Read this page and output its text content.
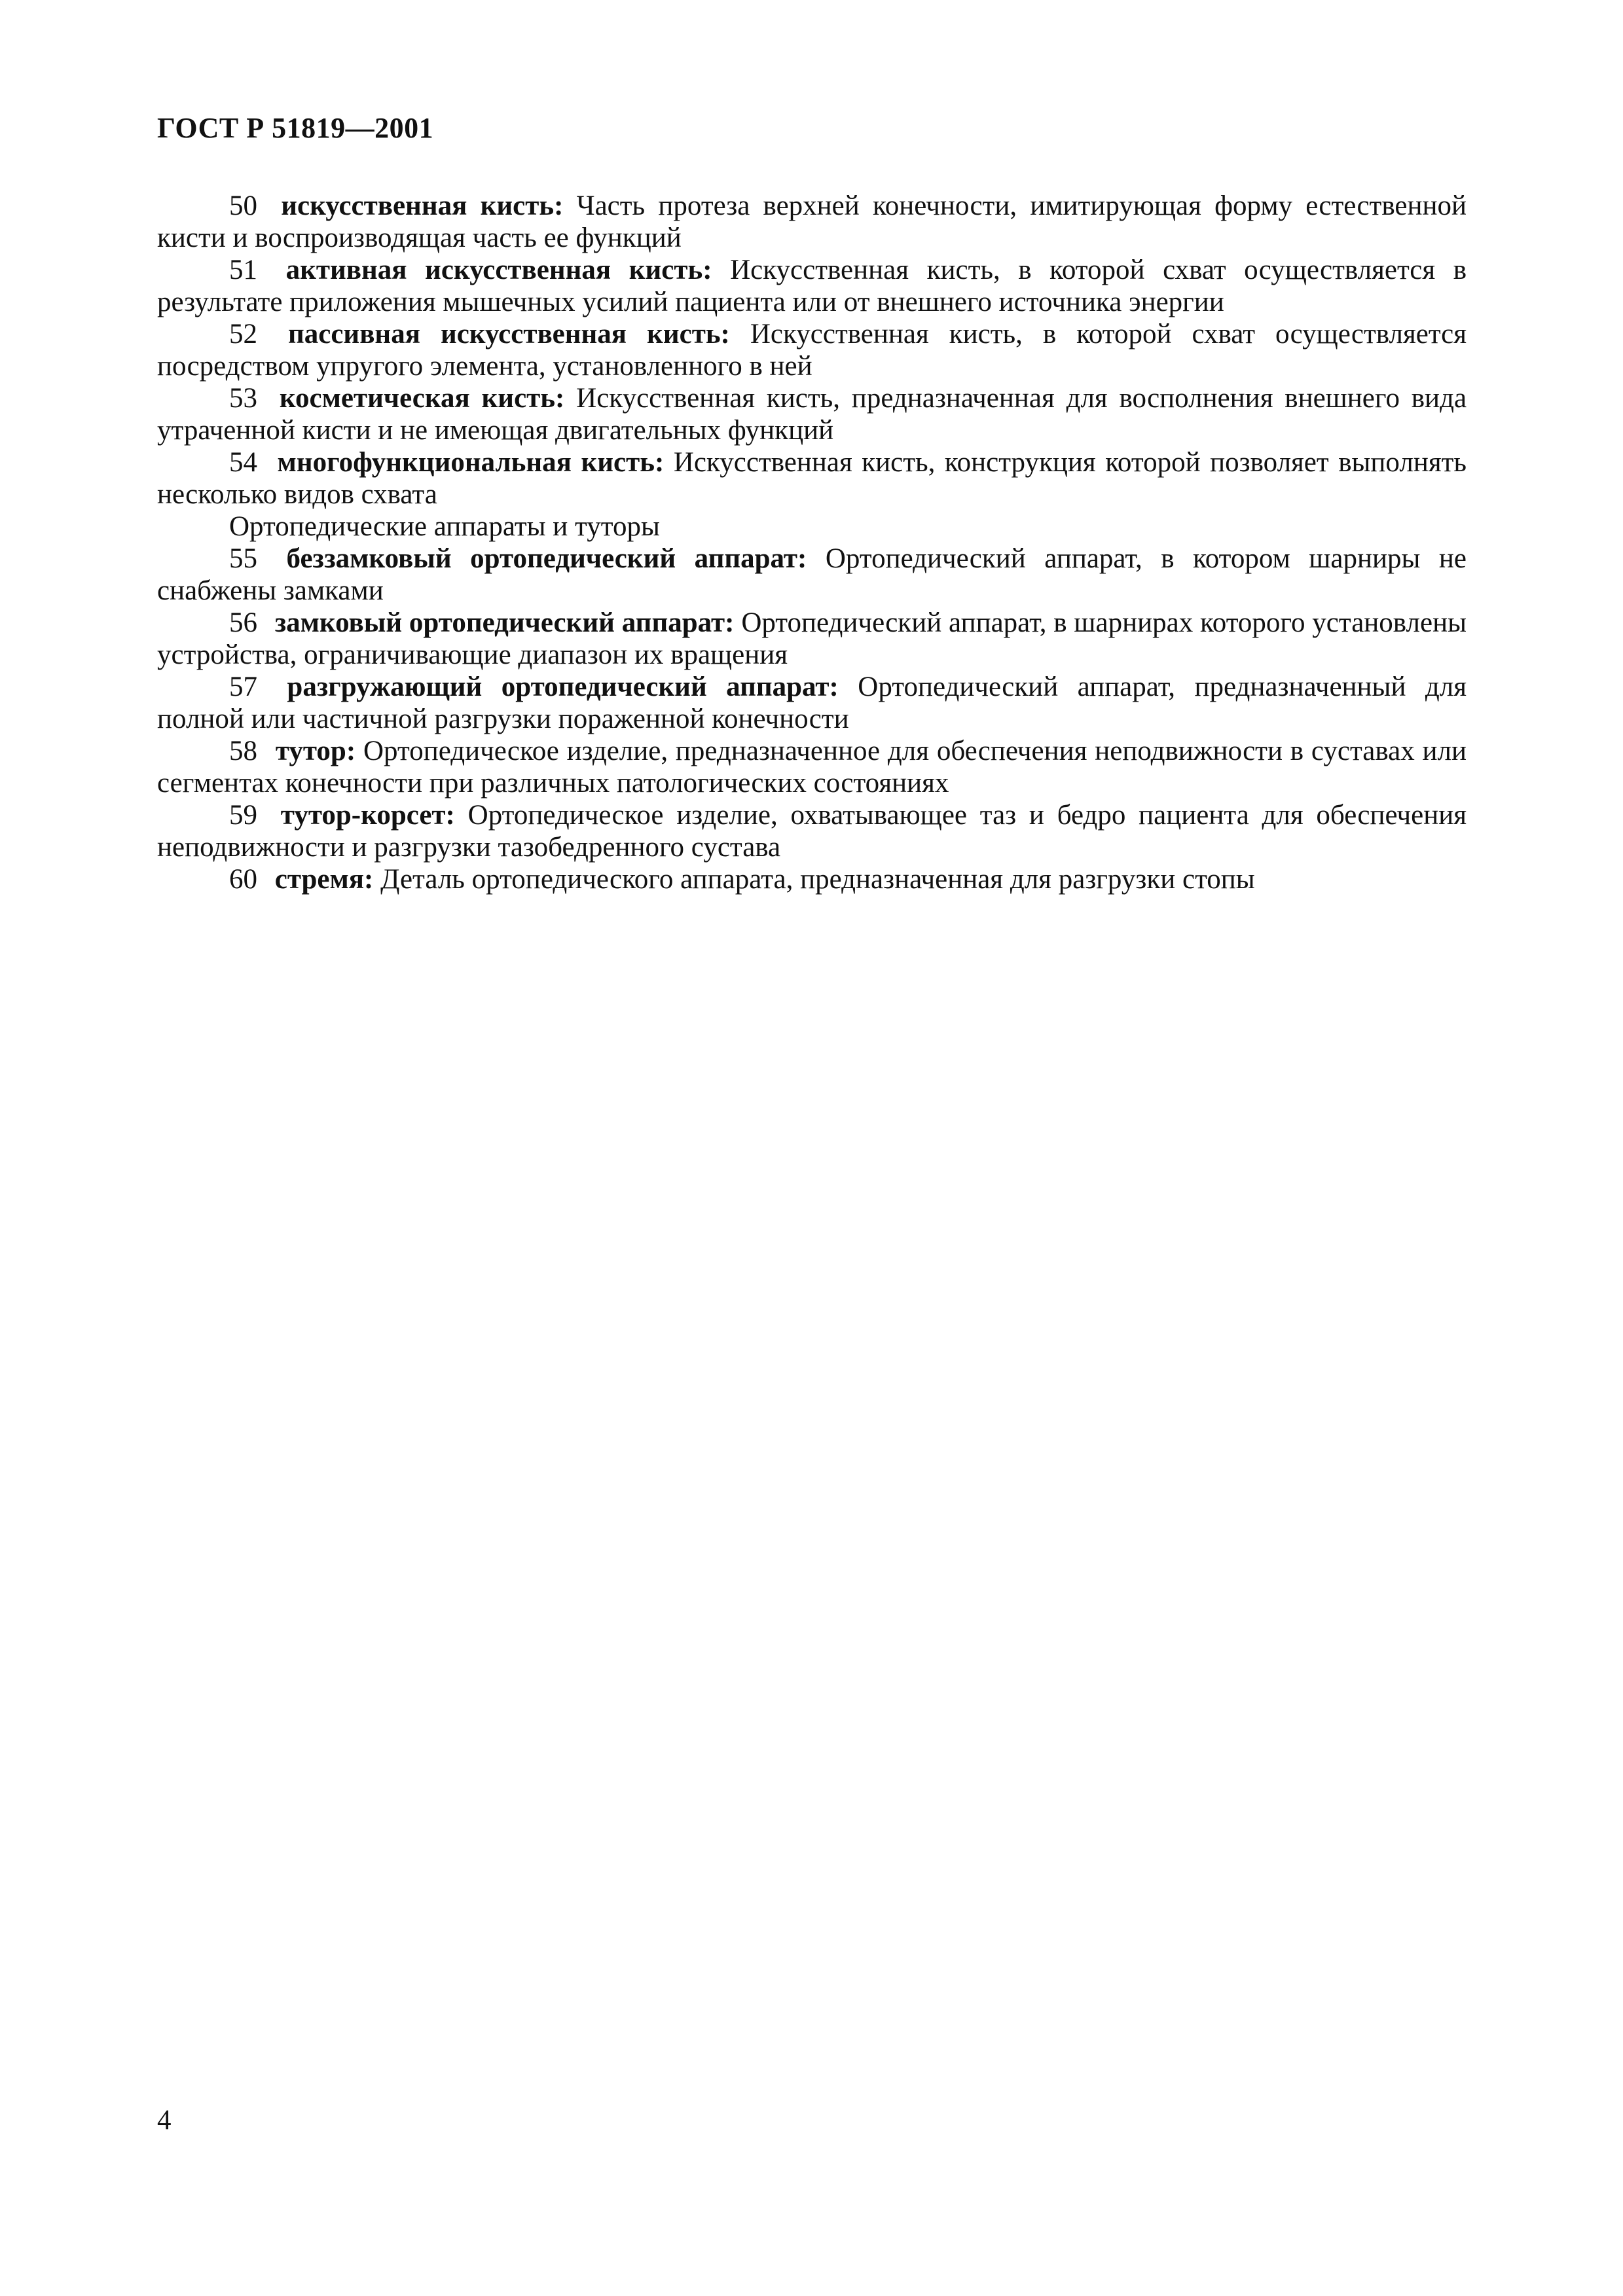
ГОСТ Р 51819—2001

50 искусственная кисть: Часть протеза верхней конечности, имитирующая форму естественной кисти и воспроизводящая часть ее функций

51 активная искусственная кисть: Искусственная кисть, в которой схват осуществляется в результате приложения мышечных усилий пациента или от внешнего источника энергии

52 пассивная искусственная кисть: Искусственная кисть, в которой схват осуществляется посредством упругого элемента, установленного в ней

53 косметическая кисть: Искусственная кисть, предназначенная для восполнения внешнего вида утраченной кисти и не имеющая двигательных функций

54 многофункциональная кисть: Искусственная кисть, конструкция которой позволяет выполнять несколько видов схвата

Ортопедические аппараты и туторы

55 беззамковый ортопедический аппарат: Ортопедический аппарат, в котором шарниры не снабжены замками

56 замковый ортопедический аппарат: Ортопедический аппарат, в шарнирах которого установлены устройства, ограничивающие диапазон их вращения

57 разгружающий ортопедический аппарат: Ортопедический аппарат, предназначенный для полной или частичной разгрузки пораженной конечности

58 тутор: Ортопедическое изделие, предназначенное для обеспечения неподвижности в суставах или сегментах конечности при различных патологических состояниях

59 тутор-корсет: Ортопедическое изделие, охватывающее таз и бедро пациента для обеспечения неподвижности и разгрузки тазобедренного сустава

60 стремя: Деталь ортопедического аппарата, предназначенная для разгрузки стопы

4
